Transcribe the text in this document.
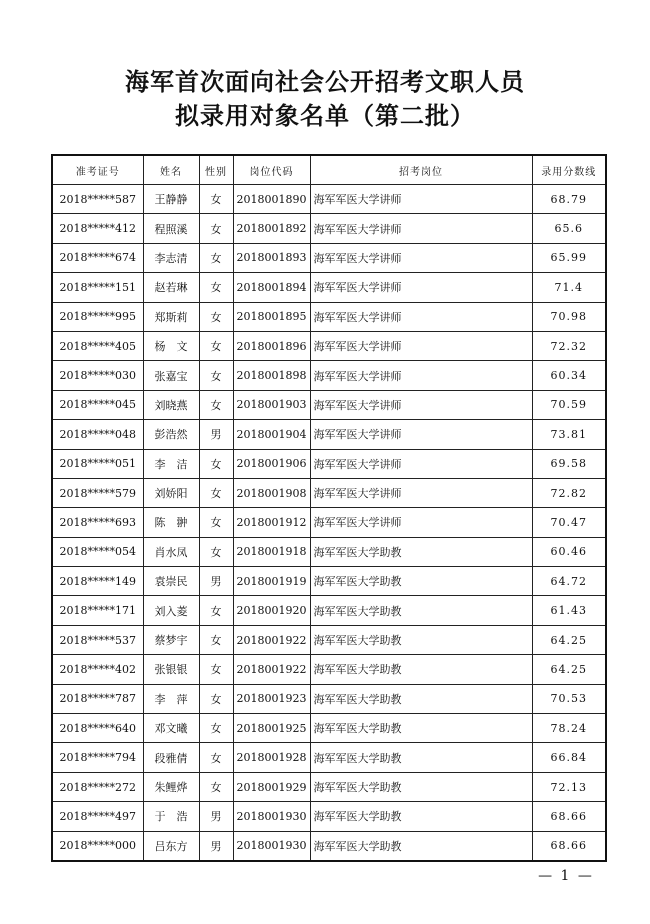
海军首次面向社会公开招考文职人员
拟录用对象名单（第二批）
准考证号	姓名	性别	岗位代码	招考岗位	录用分数线
2018*****587	王静静	女	2018001890	海军军医大学讲师	68.79
2018*****412	程照溪	女	2018001892	海军军医大学讲师	65.6
2018*****674	李志清	女	2018001893	海军军医大学讲师	65.99
2018*****151	赵若琳	女	2018001894	海军军医大学讲师	71.4
2018*****995	郑斯莉	女	2018001895	海军军医大学讲师	70.98
2018*****405	杨　文	女	2018001896	海军军医大学讲师	72.32
2018*****030	张嘉宝	女	2018001898	海军军医大学讲师	60.34
2018*****045	刘晓燕	女	2018001903	海军军医大学讲师	70.59
2018*****048	彭浩然	男	2018001904	海军军医大学讲师	73.81
2018*****051	李　洁	女	2018001906	海军军医大学讲师	69.58
2018*****579	刘娇阳	女	2018001908	海军军医大学讲师	72.82
2018*****693	陈　翀	女	2018001912	海军军医大学讲师	70.47
2018*****054	肖水凤	女	2018001918	海军军医大学助教	60.46
2018*****149	袁崇民	男	2018001919	海军军医大学助教	64.72
2018*****171	刘入菱	女	2018001920	海军军医大学助教	61.43
2018*****537	蔡梦宇	女	2018001922	海军军医大学助教	64.25
2018*****402	张银银	女	2018001922	海军军医大学助教	64.25
2018*****787	李　萍	女	2018001923	海军军医大学助教	70.53
2018*****640	邓文曦	女	2018001925	海军军医大学助教	78.24
2018*****794	段雅倩	女	2018001928	海军军医大学助教	66.84
2018*****272	朱鲤烨	女	2018001929	海军军医大学助教	72.13
2018*****497	于　浩	男	2018001930	海军军医大学助教	68.66
2018*****000	吕东方	男	2018001930	海军军医大学助教	68.66
— 1 —
